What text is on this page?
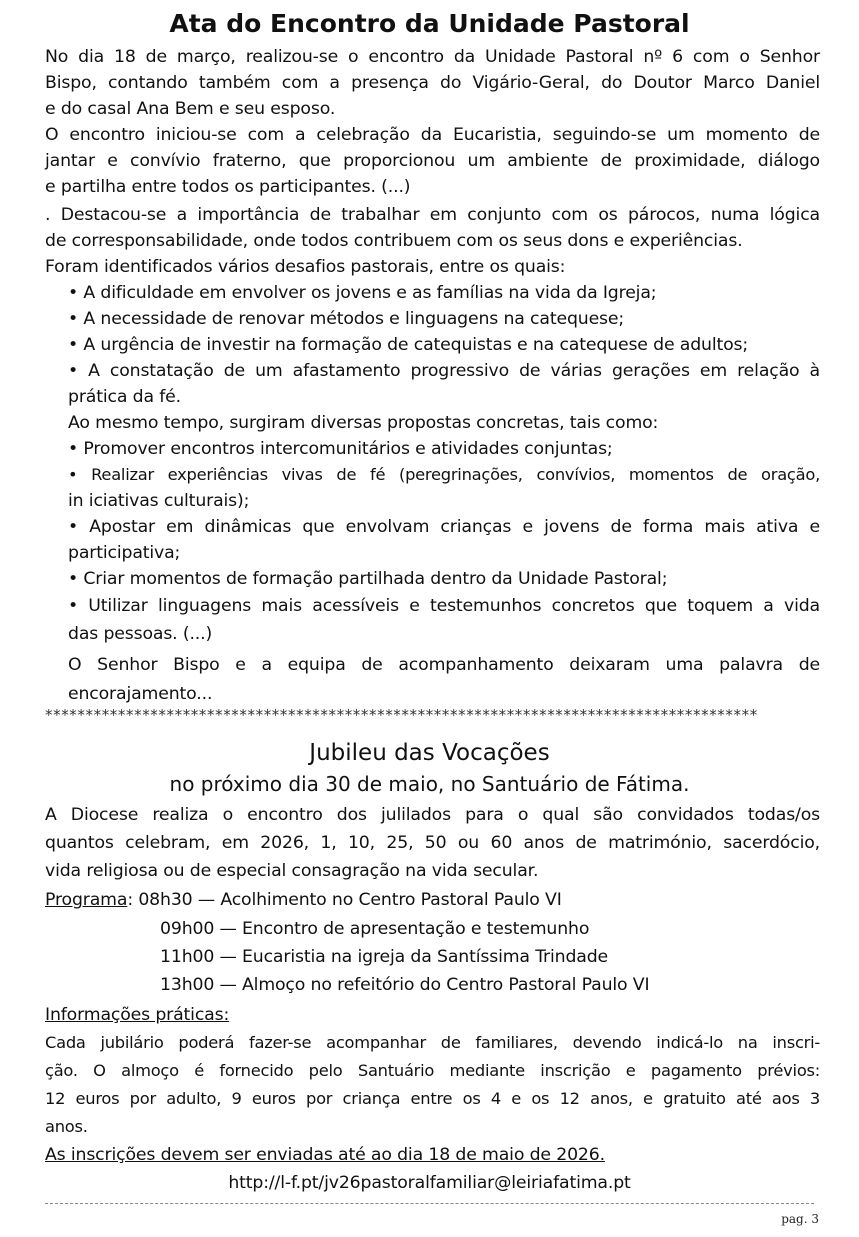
Ata do Encontro da Unidade Pastoral
No dia 18 de março, realizou-se o encontro da Unidade Pastoral nº 6 com o Senhor
Bispo, contando também com a presença do Vigário-Geral, do Doutor Marco Daniel
e do casal Ana Bem e seu esposo.
O encontro iniciou-se com a celebração da Eucaristia, seguindo-se um momento de
jantar e convívio fraterno, que proporcionou um ambiente de proximidade, diálogo
e partilha entre todos os participantes. (...)
. Destacou-se a importância de trabalhar em conjunto com os párocos, numa lógica
de corresponsabilidade, onde todos contribuem com os seus dons e experiências.
Foram identificados vários desafios pastorais, entre os quais:
• A dificuldade em envolver os jovens e as famílias na vida da Igreja;
• A necessidade de renovar métodos e linguagens na catequese;
• A urgência de investir na formação de catequistas e na catequese de adultos;
• A constatação de um afastamento progressivo de várias gerações em relação à
prática da fé.
Ao mesmo tempo, surgiram diversas propostas concretas, tais como:
• Promover encontros intercomunitários e atividades conjuntas;
• Realizar experiências vivas de fé (peregrinações, convívios, momentos de oração,
in iciativas culturais);
• Apostar em dinâmicas que envolvam crianças e jovens de forma mais ativa e
participativa;
• Criar momentos de formação partilhada dentro da Unidade Pastoral;
• Utilizar linguagens mais acessíveis e testemunhos concretos que toquem a vida
das pessoas. (...)
O Senhor Bispo e a equipa de acompanhamento deixaram uma palavra de
encorajamento...
****************************************************************************************
Jubileu das Vocações
no próximo dia 30 de maio, no Santuário de Fátima.
A Diocese realiza o encontro dos julilados para o qual são convidados todas/os
quantos celebram, em 2026, 1, 10, 25, 50 ou 60 anos de matrimónio, sacerdócio,
vida religiosa ou de especial consagração na vida secular.
Programa: 08h30 — Acolhimento no Centro Pastoral Paulo VI
09h00 — Encontro de apresentação e testemunho
11h00 — Eucaristia na igreja da Santíssima Trindade
13h00 — Almoço no refeitório do Centro Pastoral Paulo VI
Informações práticas:
Cada jubilário poderá fazer-se acompanhar de familiares, devendo indicá-lo na inscri-
ção. O almoço é fornecido pelo Santuário mediante inscrição e pagamento prévios:
12 euros por adulto, 9 euros por criança entre os 4 e os 12 anos, e gratuito até aos 3
anos.
As inscrições devem ser enviadas até ao dia 18 de maio de 2026.
http://l-f.pt/jv26pastoralfamiliar@leiriafatima.pt
pag. 3
